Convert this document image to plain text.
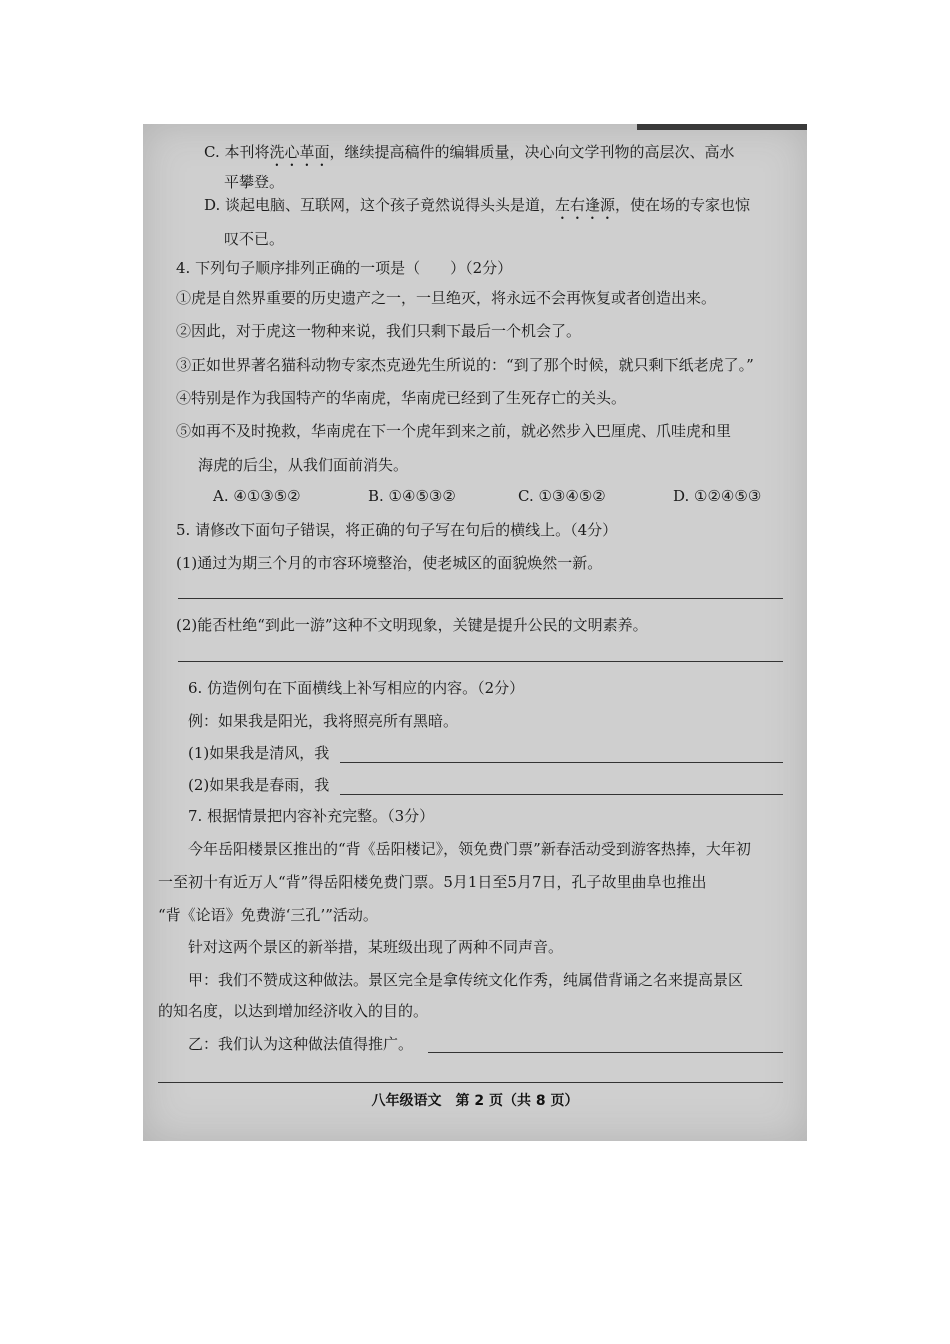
C. 本刊将洗心革面，继续提高稿件的编辑质量，决心向文学刊物的高层次、高水
平攀登。
D. 谈起电脑、互联网，这个孩子竟然说得头头是道，左右逢源，使在场的专家也惊
叹不已。
4. 下列句子顺序排列正确的一项是（　　）（2分）
①虎是自然界重要的历史遗产之一，一旦绝灭，将永远不会再恢复或者创造出来。
②因此，对于虎这一物种来说，我们只剩下最后一个机会了。
③正如世界著名猫科动物专家杰克逊先生所说的：“到了那个时候，就只剩下纸老虎了。”
④特别是作为我国特产的华南虎，华南虎已经到了生死存亡的关头。
⑤如再不及时挽救，华南虎在下一个虎年到来之前，就必然步入巴厘虎、爪哇虎和里
海虎的后尘，从我们面前消失。
A. ④①③⑤②	B. ①④⑤③②	C. ①③④⑤②	D. ①②④⑤③
5. 请修改下面句子错误，将正确的句子写在句后的横线上。（4分）
(1)通过为期三个月的市容环境整治，使老城区的面貌焕然一新。
(2)能否杜绝“到此一游”这种不文明现象，关键是提升公民的文明素养。
6. 仿造例句在下面横线上补写相应的内容。（2分）
例：如果我是阳光，我将照亮所有黑暗。
(1)如果我是清风，我
(2)如果我是春雨，我
7. 根据情景把内容补充完整。（3分）
今年岳阳楼景区推出的“背《岳阳楼记》，领免费门票”新春活动受到游客热捧，大年初
一至初十有近万人“背”得岳阳楼免费门票。5月1日至5月7日，孔子故里曲阜也推出
“背《论语》免费游‘三孔’”活动。
针对这两个景区的新举措，某班级出现了两种不同声音。
甲：我们不赞成这种做法。景区完全是拿传统文化作秀，纯属借背诵之名来提高景区
的知名度，以达到增加经济收入的目的。
乙：我们认为这种做法值得推广。
八年级语文　第 2 页（共 8 页）
